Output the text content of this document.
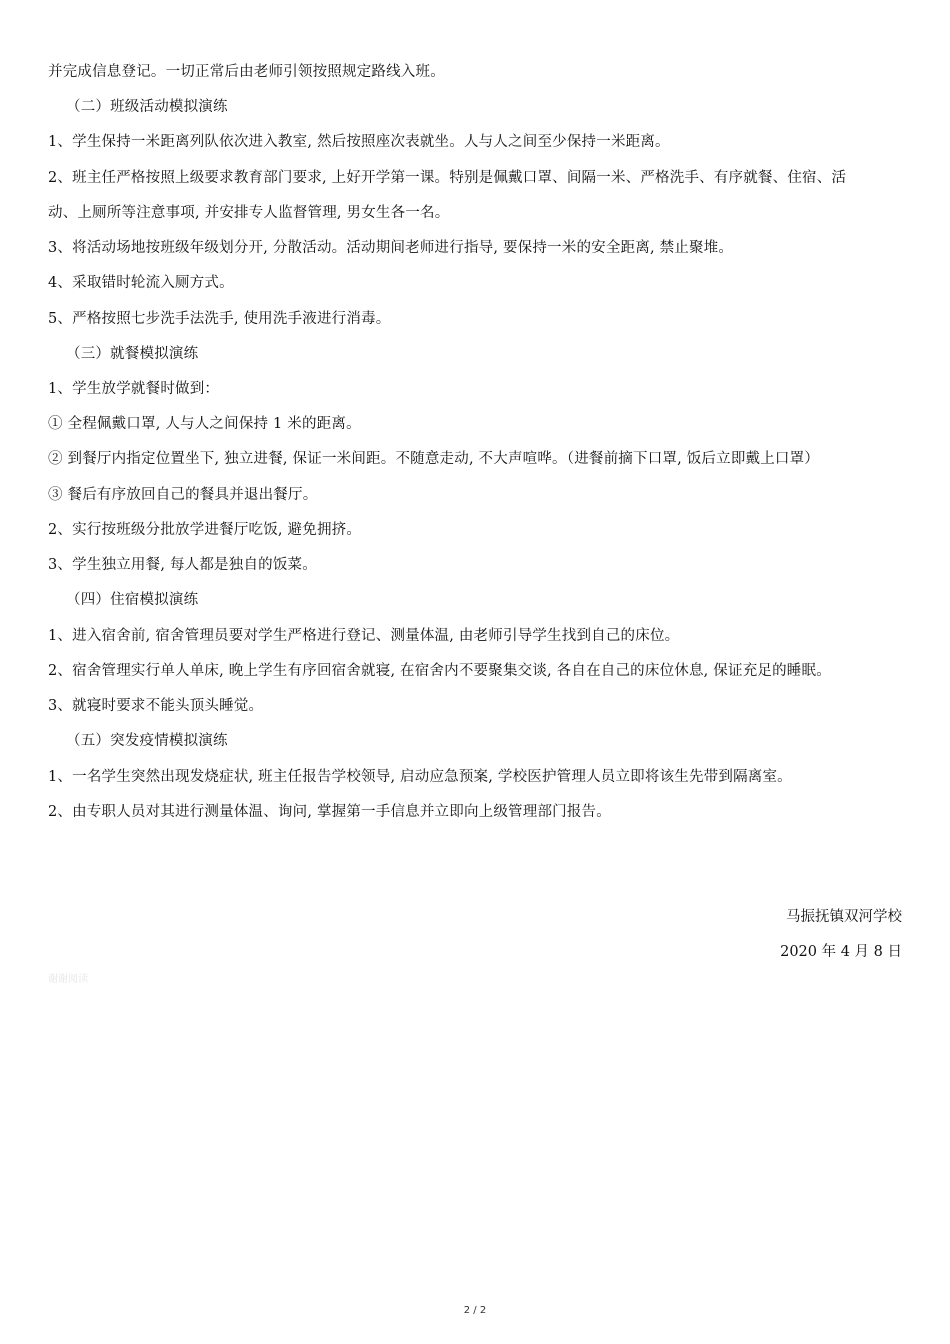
并完成信息登记。一切正常后由老师引领按照规定路线入班。
（二）班级活动模拟演练
1、学生保持一米距离列队依次进入教室, 然后按照座次表就坐。人与人之间至少保持一米距离。
2、班主任严格按照上级要求教育部门要求, 上好开学第一课。特别是佩戴口罩、间隔一米、严格洗手、有序就餐、住宿、活
动、上厕所等注意事项, 并安排专人监督管理, 男女生各一名。
3、将活动场地按班级年级划分开, 分散活动。活动期间老师进行指导, 要保持一米的安全距离, 禁止聚堆。
4、采取错时轮流入厕方式。
5、严格按照七步洗手法洗手, 使用洗手液进行消毒。
（三）就餐模拟演练
1、学生放学就餐时做到：
① 全程佩戴口罩, 人与人之间保持 1 米的距离。
② 到餐厅内指定位置坐下, 独立进餐, 保证一米间距。不随意走动, 不大声喧哗。（进餐前摘下口罩, 饭后立即戴上口罩）
③ 餐后有序放回自己的餐具并退出餐厅。
2、实行按班级分批放学进餐厅吃饭, 避免拥挤。
3、学生独立用餐, 每人都是独自的饭菜。
（四）住宿模拟演练
1、进入宿舍前, 宿舍管理员要对学生严格进行登记、测量体温, 由老师引导学生找到自己的床位。
2、宿舍管理实行单人单床, 晚上学生有序回宿舍就寝, 在宿舍内不要聚集交谈, 各自在自己的床位休息, 保证充足的睡眠。
3、就寝时要求不能头顶头睡觉。
（五）突发疫情模拟演练
1、一名学生突然出现发烧症状, 班主任报告学校领导, 启动应急预案, 学校医护管理人员立即将该生先带到隔离室。
2、由专职人员对其进行测量体温、询问, 掌握第一手信息并立即向上级管理部门报告。
马振抚镇双河学校
2020 年 4 月 8 日
谢谢阅读
2 / 2
